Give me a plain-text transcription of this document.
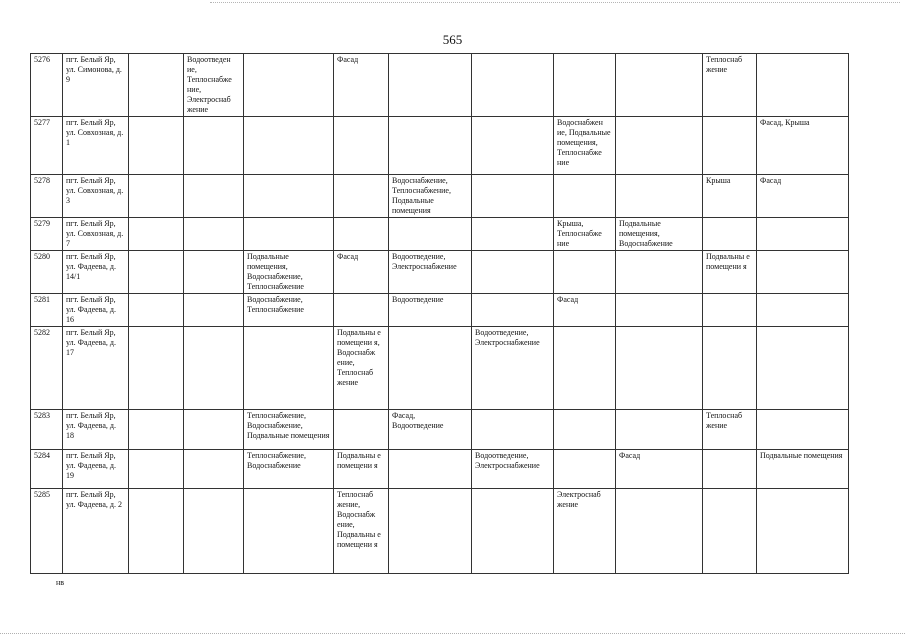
565
5276	пгт. Белый Яр, ул. Симонова, д. 9		Водоотведен ие, Теплоснабже ние, Электроснаб жение		Фасад					Теплоснаб жение	
5277	пгт. Белый Яр, ул. Совхозная, д. 1							Водоснабжен ие, Подвальные помещения, Теплоснабже ние			Фасад, Крыша
5278	пгт. Белый Яр, ул. Совхозная, д. 3					Водоснабжение, Теплоснабжение, Подвальные помещения				Крыша	Фасад
5279	пгт. Белый Яр, ул. Совхозная, д. 7							Крыша, Теплоснабже ние	Подвальные помещения, Водоснабжение		
5280	пгт. Белый Яр, ул. Фадеева, д. 14/1			Подвальные помещения, Водоснабжение, Теплоснабжение	Фасад	Водоотведение, Электроснабжение				Подвальны е помещени я	
5281	пгт. Белый Яр, ул. Фадеева, д. 16			Водоснабжение, Теплоснабжение		Водоотведение		Фасад			
5282	пгт. Белый Яр, ул. Фадеева, д. 17				Подвальны е помещени я, Водоснабж ение, Теплоснаб жение		Водоотведение, Электроснабжение				
5283	пгт. Белый Яр, ул. Фадеева, д. 18			Теплоснабжение, Водоснабжение, Подвальные помещения		Фасад, Водоотведение				Теплоснаб жение	
5284	пгт. Белый Яр, ул. Фадеева, д. 19			Теплоснабжение, Водоснабжение	Подвальны е помещени я		Водоотведение, Электроснабжение		Фасад		Подвальные помещения
5285	пгт. Белый Яр, ул. Фадеева, д. 2				Теплоснаб жение, Водоснабж ение, Подвальны е помещени я			Электроснаб жение			
нв
